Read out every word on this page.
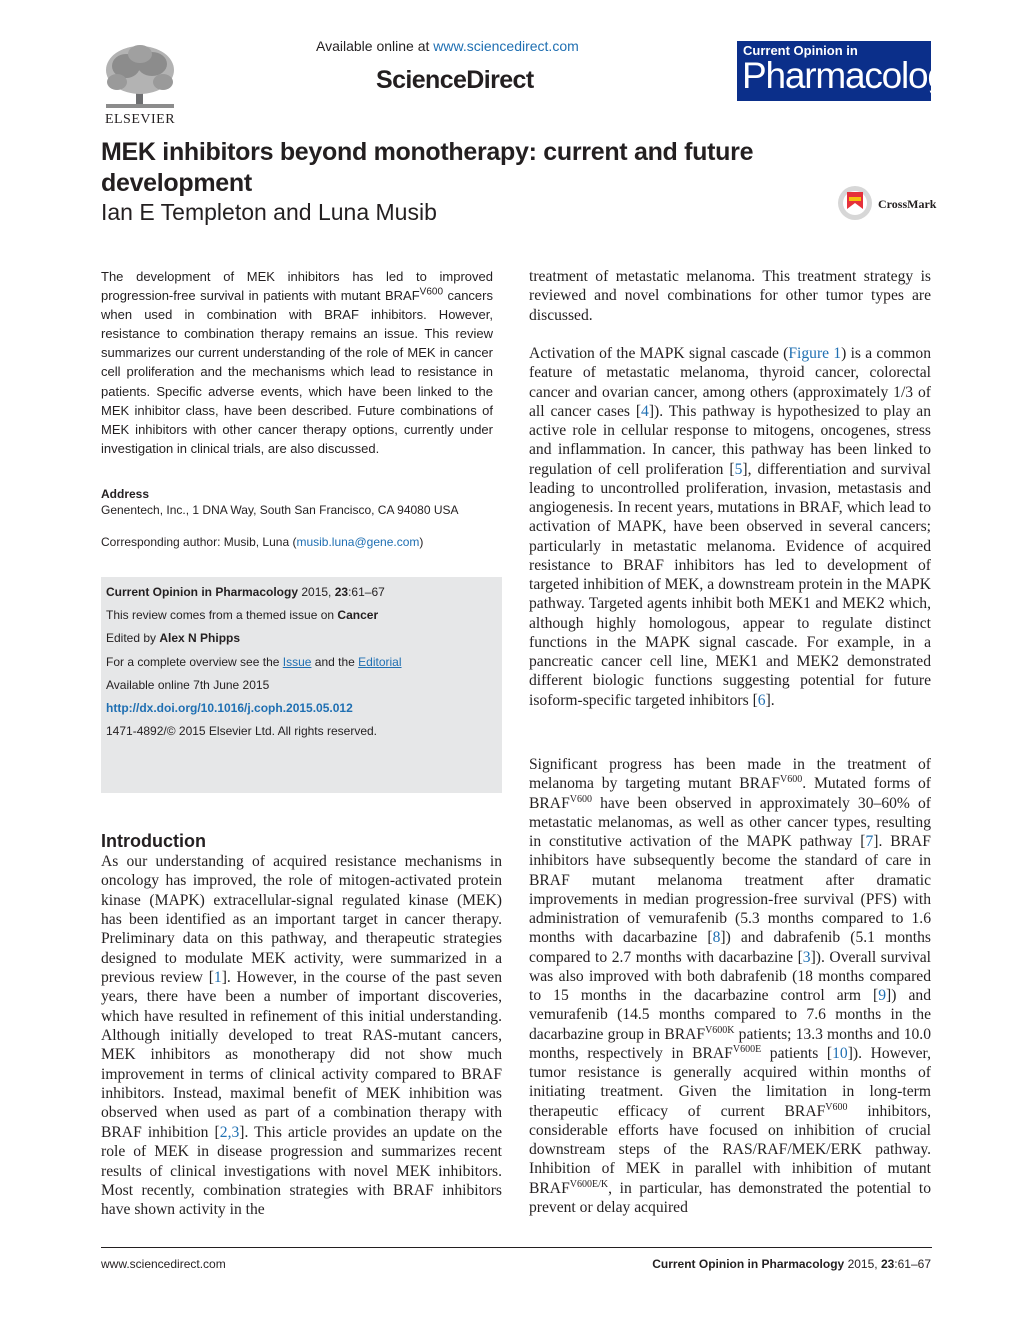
ELSEVIER
Available online at www.sciencedirect.com
ScienceDirect
Current Opinion in
Pharmacology
MEK inhibitors beyond monotherapy: current and future development
Ian E Templeton and Luna Musib	CrossMark

The development of MEK inhibitors has led to improved progression-free survival in patients with mutant $BRAF^{V600}$ cancers when used in combination with BRAF inhibitors. However, resistance to combination therapy remains an issue. This review summarizes our current understanding of the role of MEK in cancer cell proliferation and the mechanisms which lead to resistance in patients. Specific adverse events, which have been linked to the MEK inhibitor class, have been described. Future combinations of MEK inhibitors with other cancer therapy options, currently under investigation in clinical trials, are also discussed.

Address
Genentech, Inc., 1 DNA Way, South San Francisco, CA 94080 USA
Corresponding author: Musib, Luna (musib.luna@gene.com)
Current Opinion in Pharmacology 2015, 23:61–67
This review comes from a themed issue on Cancer
Edited by Alex N Phipps
For a complete overview see the Issue and the Editorial
Available online 7th June 2015
http://dx.doi.org/10.1016/j.coph.2015.05.012
1471-4892/© 2015 Elsevier Ltd. All rights reserved.
Introduction

As our understanding of acquired resistance mechanisms in oncology has improved, the role of mitogen-activated protein kinase (MAPK) extracellular-signal regulated kinase (MEK) has been identified as an important target in cancer therapy. Preliminary data on this pathway, and therapeutic strategies designed to modulate MEK activity, were summarized in a previous review [1]. However, in the course of the past seven years, there have been a number of important discoveries, which have resulted in refinement of this initial understanding. Although initially developed to treat RAS-mutant cancers, MEK inhibitors as monotherapy did not show much improvement in terms of clinical activity compared to BRAF inhibitors. Instead, maximal benefit of MEK inhibition was observed when used as part of a combination therapy with BRAF inhibition [2,3]. This article provides an update on the role of MEK in disease progression and summarizes recent results of clinical investigations with novel MEK inhibitors. Most recently, combination strategies with BRAF inhibitors have shown activity in the

treatment of metastatic melanoma. This treatment strategy is reviewed and novel combinations for other tumor types are discussed.

Activation of the MAPK signal cascade (Figure 1) is a common feature of metastatic melanoma, thyroid cancer, colorectal cancer and ovarian cancer, among others (approximately 1/3 of all cancer cases [4]). This pathway is hypothesized to play an active role in cellular response to mitogens, oncogenes, stress and inflammation. In cancer, this pathway has been linked to regulation of cell proliferation [5], differentiation and survival leading to uncontrolled proliferation, invasion, metastasis and angiogenesis. In recent years, mutations in BRAF, which lead to activation of MAPK, have been observed in several cancers; particularly in metastatic melanoma. Evidence of acquired resistance to BRAF inhibitors has led to development of targeted inhibition of MEK, a downstream protein in the MAPK pathway. Targeted agents inhibit both MEK1 and MEK2 which, although highly homologous, appear to regulate distinct functions in the MAPK signal cascade. For example, in a pancreatic cancer cell line, MEK1 and MEK2 demonstrated different biologic functions suggesting potential for future isoform-specific targeted inhibitors [6].

Significant progress has been made in the treatment of melanoma by targeting mutant $BRAF^{V600}$. Mutated forms of $BRAF^{V600}$ have been observed in approximately 30–60% of metastatic melanomas, as well as other cancer types, resulting in constitutive activation of the MAPK pathway [7]. BRAF inhibitors have subsequently become the standard of care in BRAF mutant melanoma treatment after dramatic improvements in median progression-free survival (PFS) with administration of vemurafenib (5.3 months compared to 1.6 months with dacarbazine [8]) and dabrafenib (5.1 months compared to 2.7 months with dacarbazine [3]). Overall survival was also improved with both dabrafenib (18 months compared to 15 months in the dacarbazine control arm [9]) and vemurafenib (14.5 months compared to 7.6 months in the dacarbazine group in $BRAF^{V600K}$ patients; 13.3 months and 10.0 months, respectively in $BRAF^{V600E}$ patients [10]). However, tumor resistance is generally acquired within months of initiating treatment. Given the limitation in long-term therapeutic efficacy of current $BRAF^{V600}$ inhibitors, considerable efforts have focused on inhibition of crucial downstream steps of the RAS/RAF/MEK/ERK pathway. Inhibition of MEK in parallel with inhibition of mutant $BRAF^{V600E/K}$, in particular, has demonstrated the potential to prevent or delay acquired

www.sciencedirect.com	Current Opinion in Pharmacology 2015, 23:61–67
